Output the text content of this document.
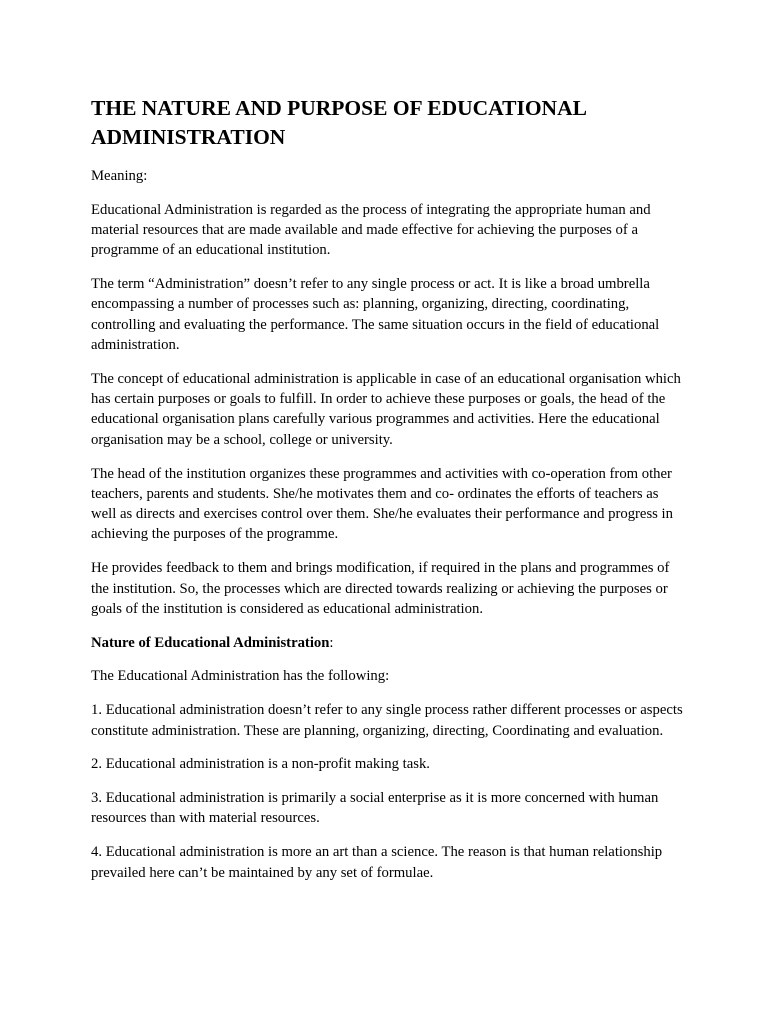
THE NATURE AND PURPOSE OF EDUCATIONAL ADMINISTRATION

Meaning:

Educational Administration is regarded as the process of integrating the appropriate human and material resources that are made available and made effective for achieving the purposes of a programme of an educational institution.

The term “Administration” doesn’t refer to any single process or act. It is like a broad umbrella encompassing a number of processes such as: planning, organizing, directing, coordinating, controlling and evaluating the performance. The same situation occurs in the field of educational administration.

The concept of educational administration is applicable in case of an educational organisation which has certain purposes or goals to fulfill. In order to achieve these purposes or goals, the head of the educational organisation plans carefully various programmes and activities. Here the educational organisation may be a school, college or university.

The head of the institution organizes these programmes and activities with co-operation from other teachers, parents and students. She/he motivates them and co- ordinates the efforts of teachers as well as directs and exercises control over them. She/he evaluates their performance and progress in achieving the purposes of the programme.

He provides feedback to them and brings modification, if required in the plans and programmes of the institution. So, the processes which are directed towards realizing or achieving the purposes or goals of the institution is considered as educational administration.

Nature of Educational Administration:

The Educational Administration has the following:

1. Educational administration doesn’t refer to any single process rather different processes or aspects constitute administration. These are planning, organizing, directing, Coordinating and evaluation.

2. Educational administration is a non-profit making task.

3. Educational administration is primarily a social enterprise as it is more concerned with human resources than with material resources.

4. Educational administration is more an art than a science. The reason is that human relationship prevailed here can’t be maintained by any set of formulae.
